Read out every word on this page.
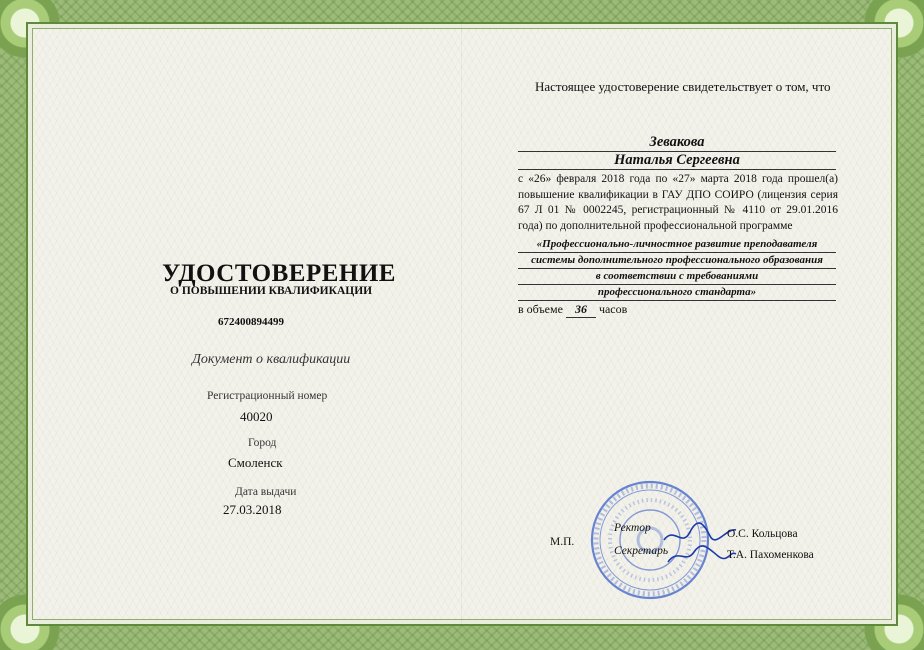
УДОСТОВЕРЕНИЕ
О ПОВЫШЕНИИ КВАЛИФИКАЦИИ
672400894499
Документ о квалификации
Регистрационный номер
40020
Город
Смоленск
Дата выдачи
27.03.2018
Настоящее удостоверение свидетельствует о том, что
Зевакова
Наталья Сергеевна
с «26» февраля 2018 года по «27» марта 2018 года прошел(а) повышение квалификации в ГАУ ДПО СОИРО (лицензия серия 67 Л 01 № 0002245, регистрационный № 4110 от 29.01.2016 года) по дополнительной профессиональной программе
«Профессионально-личностное развитие преподавателя
системы дополнительного профессионального образования
в соответствии с требованиями
профессионального стандарта»
в объеме 36 часов
М.П.
Ректор	О.С. Кольцова
Секретарь	Т.А. Пахоменкова
